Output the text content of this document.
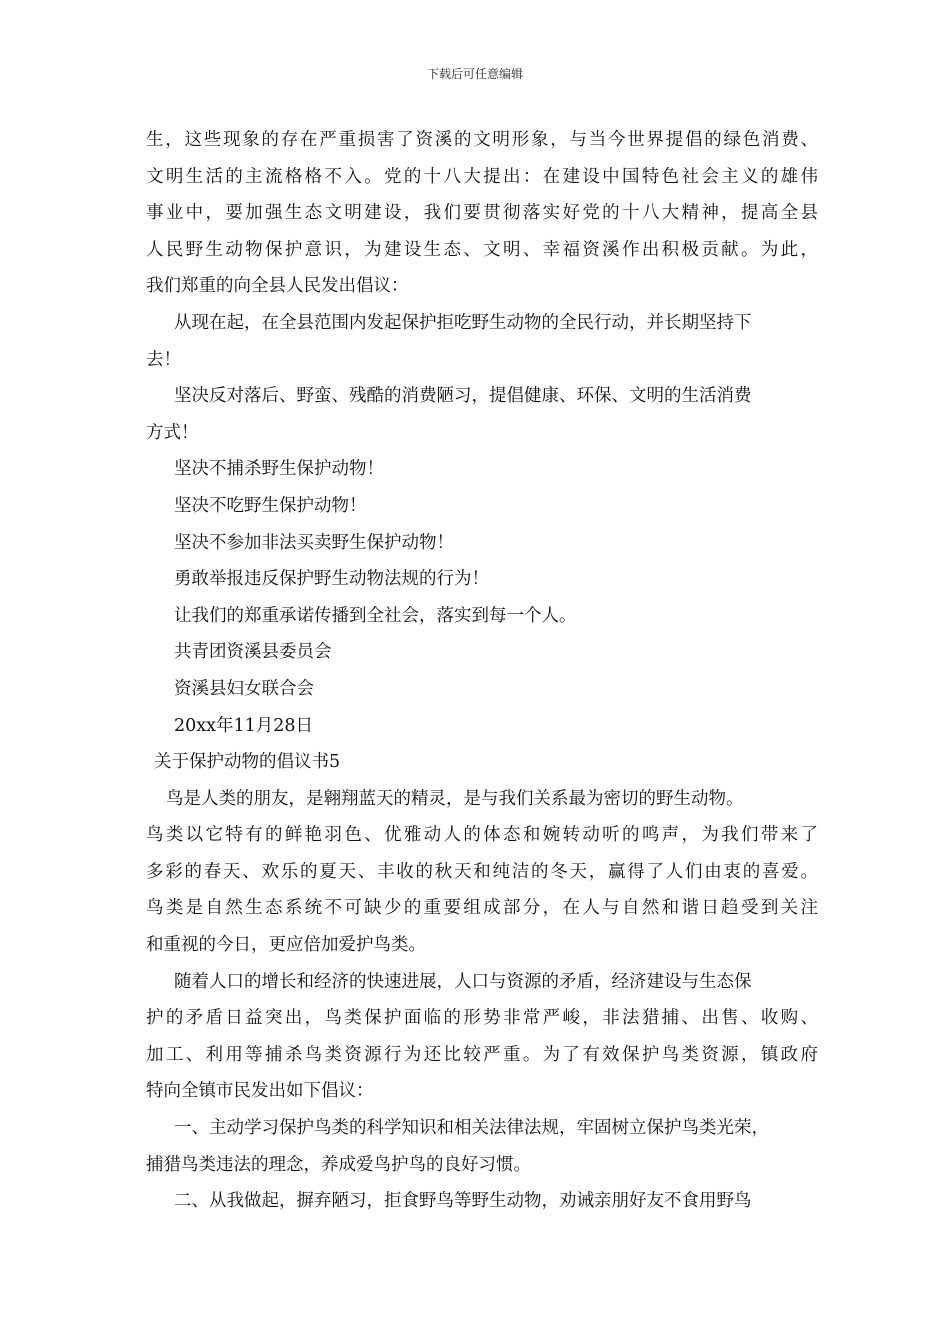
下载后可任意编辑
生，这些现象的存在严重损害了资溪的文明形象，与当今世界提倡的绿色消费、
文明生活的主流格格不入。党的十八大提出：在建设中国特色社会主义的雄伟
事业中，要加强生态文明建设，我们要贯彻落实好党的十八大精神，提高全县
人民野生动物保护意识，为建设生态、文明、幸福资溪作出积极贡献。为此，
我们郑重的向全县人民发出倡议：
从现在起，在全县范围内发起保护拒吃野生动物的全民行动，并长期坚持下
去！
坚决反对落后、野蛮、残酷的消费陋习，提倡健康、环保、文明的生活消费
方式！
坚决不捕杀野生保护动物！
坚决不吃野生保护动物！
坚决不参加非法买卖野生保护动物！
勇敢举报违反保护野生动物法规的行为！
让我们的郑重承诺传播到全社会，落实到每一个人。
共青团资溪县委员会
资溪县妇女联合会
20xx年11月28日
关于保护动物的倡议书5
鸟是人类的朋友，是翱翔蓝天的精灵，是与我们关系最为密切的野生动物。
鸟类以它特有的鲜艳羽色、优雅动人的体态和婉转动听的鸣声，为我们带来了
多彩的春天、欢乐的夏天、丰收的秋天和纯洁的冬天，赢得了人们由衷的喜爱。
鸟类是自然生态系统不可缺少的重要组成部分，在人与自然和谐日趋受到关注
和重视的今日，更应倍加爱护鸟类。
随着人口的增长和经济的快速进展，人口与资源的矛盾，经济建设与生态保
护的矛盾日益突出，鸟类保护面临的形势非常严峻，非法猎捕、出售、收购、
加工、利用等捕杀鸟类资源行为还比较严重。为了有效保护鸟类资源，镇政府
特向全镇市民发出如下倡议：
一、主动学习保护鸟类的科学知识和相关法律法规，牢固树立保护鸟类光荣，
捕猎鸟类违法的理念，养成爱鸟护鸟的良好习惯。
二、从我做起，摒弃陋习，拒食野鸟等野生动物，劝诫亲朋好友不食用野鸟
